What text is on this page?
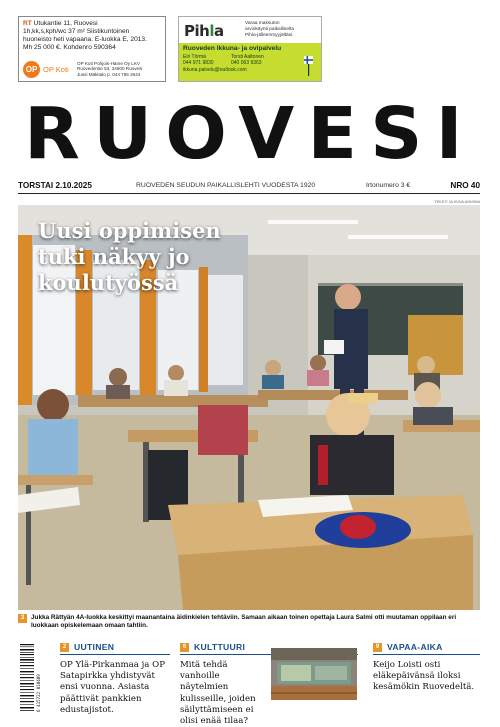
RT Utukantie 11, Ruovesi
1h,kk,s,kph/wc 37 m² Siistikuntoinen
huoneisto heti vapaana. E-luokka E, 2013.
Mh 25 000 €. Kohdenro 590364
OP OP Koti
OP Koti Pohjois-Häme Oy LKV
Ruovedentie 53, 34600 Ruovesi
Jussi Mäkitalo p. 044 785 2644
Pihla	Varaa maksuton
arviokäynti paikalliselta
Pihla-jälleenmyyjältäsi.
Ruoveden Ikkuna- ja ovipalvelu
Eiri Törmä
044 971 9830
Torsti Aaltonen
040 063 9363
ikkuna.palvelu@outlook.com
RUOVESI
TORSTAI 2.10.2025	RUOVEDEN SEUDUN PAIKALLISLEHTI VUODESTA 1920	Irtonumero 3 €	NRO 40
TEKSTI JA KUVA ANNIINA
Uusi oppimisen
tuki näkyy jo
koulutyössä
3	Jukka Rättyän 4A-luokka keskittyi maanantaina äidinkielen tehtäviin. Samaan aikaan toinen opettaja Laura Salmi otti muutaman oppilaan eri luokkaan opiskelemaan omaan tahtiin.
6 415722 010409
2 UUTINEN
OP Ylä-Pirkanmaa ja OP Satapirkka yhdistyvät ensi vuonna. Asiasta päättivät pankkien edustajistot.
6 KULTTUURI
Mitä tehdä vanhoille näytelmien kulisseille, joiden säilyttämiseen ei olisi enää tilaa?
9 VAPAA-AIKA
Keijo Loisti osti eläkepäivänsä iloksi kesämökin Ruovedeltä.
